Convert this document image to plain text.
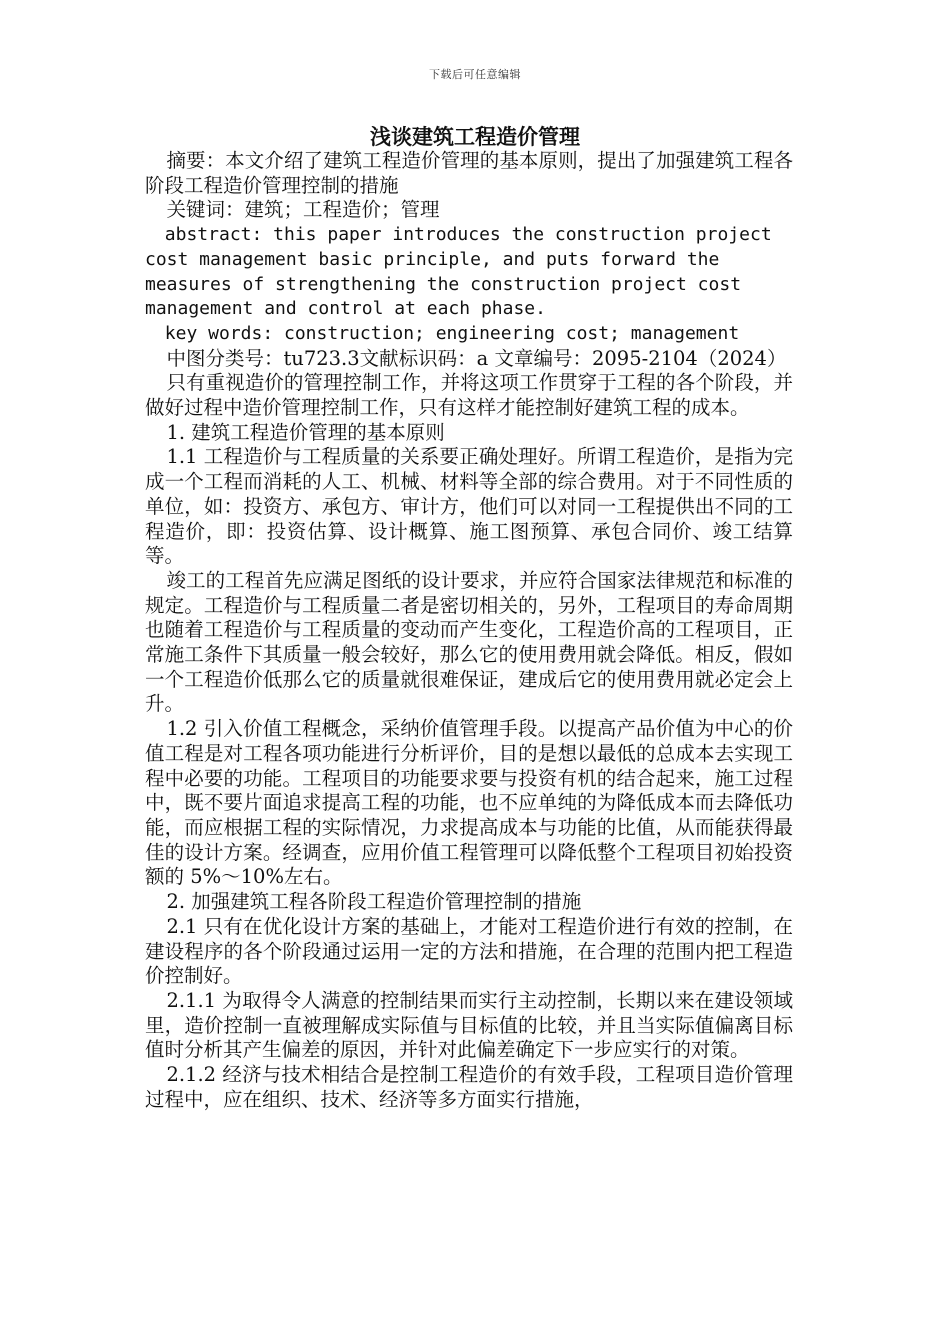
下载后可任意编辑
浅谈建筑工程造价管理

摘要：本文介绍了建筑工程造价管理的基本原则，提出了加强建筑工程各阶段工程造价管理控制的措施

关键词：建筑；工程造价；管理

abstract: this paper introduces the construction project cost management basic principle, and puts forward the measures of strengthening the construction project cost management and control at each phase.

key words: construction; engineering cost; management

中图分类号：tu723.3文献标识码：a 文章编号：2095-2104（2024）

只有重视造价的管理控制工作，并将这项工作贯穿于工程的各个阶段，并做好过程中造价管理控制工作，只有这样才能控制好建筑工程的成本。

1. 建筑工程造价管理的基本原则

1.1 工程造价与工程质量的关系要正确处理好。所谓工程造价，是指为完成一个工程而消耗的人工、机械、材料等全部的综合费用。对于不同性质的单位，如：投资方、承包方、审计方，他们可以对同一工程提供出不同的工程造价，即：投资估算、设计概算、施工图预算、承包合同价、竣工结算等。

竣工的工程首先应满足图纸的设计要求，并应符合国家法律规范和标准的规定。工程造价与工程质量二者是密切相关的，另外，工程项目的寿命周期也随着工程造价与工程质量的变动而产生变化，工程造价高的工程项目，正常施工条件下其质量一般会较好，那么它的使用费用就会降低。相反，假如一个工程造价低那么它的质量就很难保证，建成后它的使用费用就必定会上升。

1.2 引入价值工程概念，采纳价值管理手段。以提高产品价值为中心的价值工程是对工程各项功能进行分析评价，目的是想以最低的总成本去实现工程中必要的功能。工程项目的功能要求要与投资有机的结合起来，施工过程中，既不要片面追求提高工程的功能，也不应单纯的为降低成本而去降低功能，而应根据工程的实际情况，力求提高成本与功能的比值，从而能获得最佳的设计方案。经调查，应用价值工程管理可以降低整个工程项目初始投资额的 5%～10%左右。

2. 加强建筑工程各阶段工程造价管理控制的措施

2.1 只有在优化设计方案的基础上，才能对工程造价进行有效的控制，在建设程序的各个阶段通过运用一定的方法和措施，在合理的范围内把工程造价控制好。

2.1.1 为取得令人满意的控制结果而实行主动控制，长期以来在建设领域里，造价控制一直被理解成实际值与目标值的比较，并且当实际值偏离目标值时分析其产生偏差的原因，并针对此偏差确定下一步应实行的对策。

2.1.2 经济与技术相结合是控制工程造价的有效手段，工程项目造价管理过程中，应在组织、技术、经济等多方面实行措施，
